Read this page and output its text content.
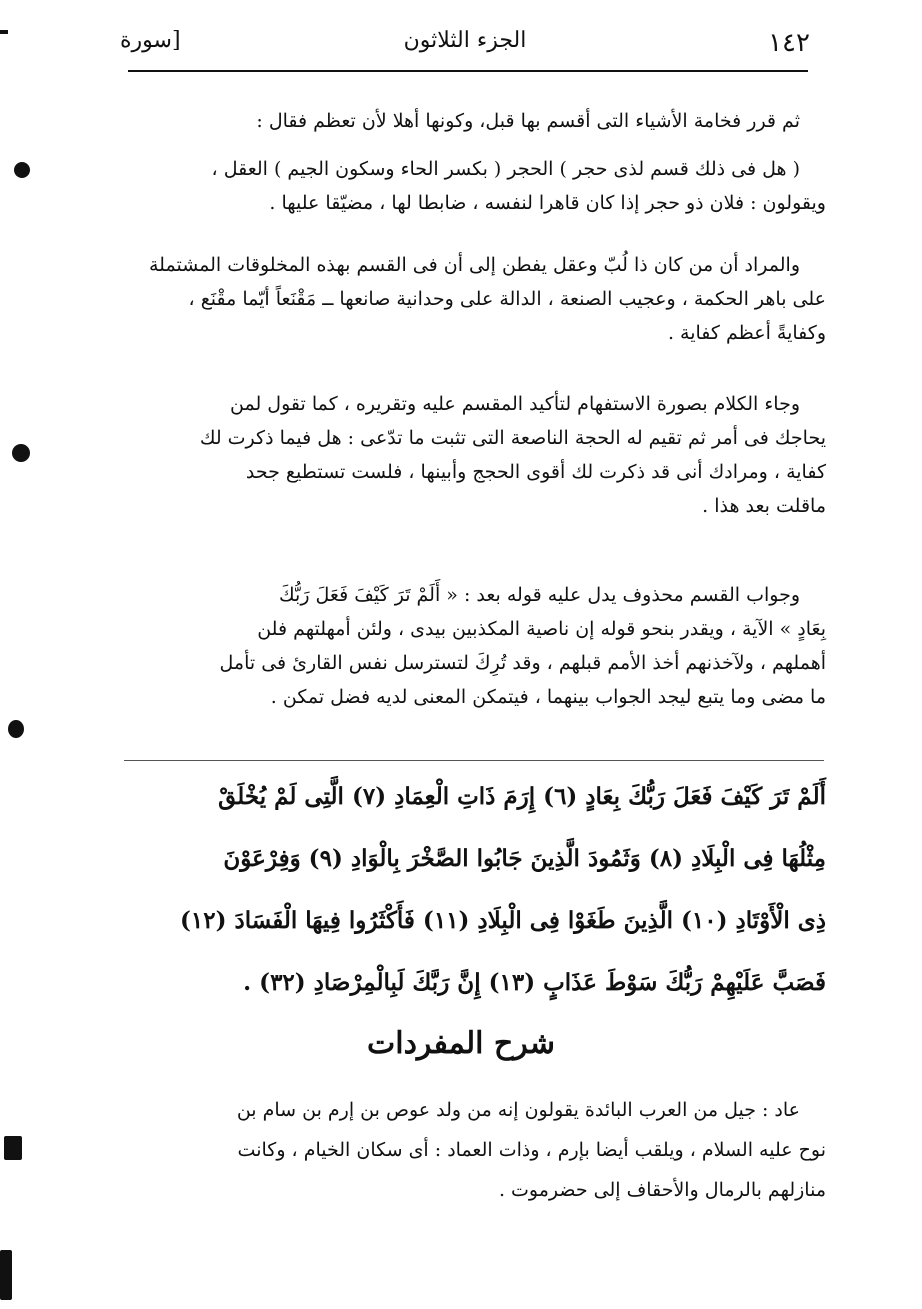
١٤٢
الجزء الثلاثون
[سورة
ثم قرر فخامة الأشياء التى أقسم بها قبل، وكونها أهلا لأن تعظم فقال :
( هل فى ذلك قسم لذى حجر ) الحجر ( بكسر الحاء وسكون الجيم ) العقل ،
ويقولون : فلان ذو حجر إذا كان قاهرا لنفسه ، ضابطا لها ، مضيّقا عليها .
والمراد أن من كان ذا لُبّ وعقل يفطن إلى أن فى القسم بهذه المخلوقات المشتملة
على باهر الحكمة ، وعجيب الصنعة ، الدالة على وحدانية صانعها ــ مَقْنَعاً أيّما مقْنَع ،
وكفايةً أعظم كفاية .
وجاء الكلام بصورة الاستفهام لتأكيد المقسم عليه وتقريره ، كما تقول لمن
يحاجك فى أمر ثم تقيم له الحجة الناصعة التى تثبت ما تدّعى : هل فيما ذكرت لك
كفاية ، ومرادك أنى قد ذكرت لك أقوى الحجج وأبينها ، فلست تستطيع جحد
ماقلت بعد هذا .
وجواب القسم محذوف يدل عليه قوله بعد : « أَلَمْ تَرَ كَيْفَ فَعَلَ رَبُّكَ
بِعَادٍ » الآية ، ويقدر بنحو قوله إن ناصية المكذبين بيدى ، ولئن أمهلتهم فلن
أهملهم ، ولآخذنهم أخذ الأمم قبلهم ، وقد تُرِكَ لتسترسل نفس القارئ فى تأمل
ما مضى وما يتبع ليجد الجواب بينهما ، فيتمكن المعنى لديه فضل تمكن .
أَلَمْ تَرَ كَيْفَ فَعَلَ رَبُّكَ بِعَادٍ (٦) إِرَمَ ذَاتِ الْعِمَادِ (٧) الَّتِى لَمْ يُخْلَقْ
مِثْلُهَا فِى الْبِلَادِ (٨) وَثَمُودَ الَّذِينَ جَابُوا الصَّخْرَ بِالْوَادِ (٩) وَفِرْعَوْنَ
ذِى الْأَوْتَادِ (١٠) الَّذِينَ طَغَوْا فِى الْبِلَادِ (١١) فَأَكْثَرُوا فِيهَا الْفَسَادَ (١٢)
فَصَبَّ عَلَيْهِمْ رَبُّكَ سَوْطَ عَذَابٍ (١٣) إِنَّ رَبَّكَ لَبِالْمِرْصَادِ (٣٢) .
شرح المفردات
عاد : جيل من العرب البائدة يقولون إنه من ولد عوص بن إرم بن سام بن
نوح عليه السلام ، ويلقب أيضا بإرم ، وذات العماد : أى سكان الخيام ، وكانت
منازلهم بالرمال والأحقاف إلى حضرموت .
